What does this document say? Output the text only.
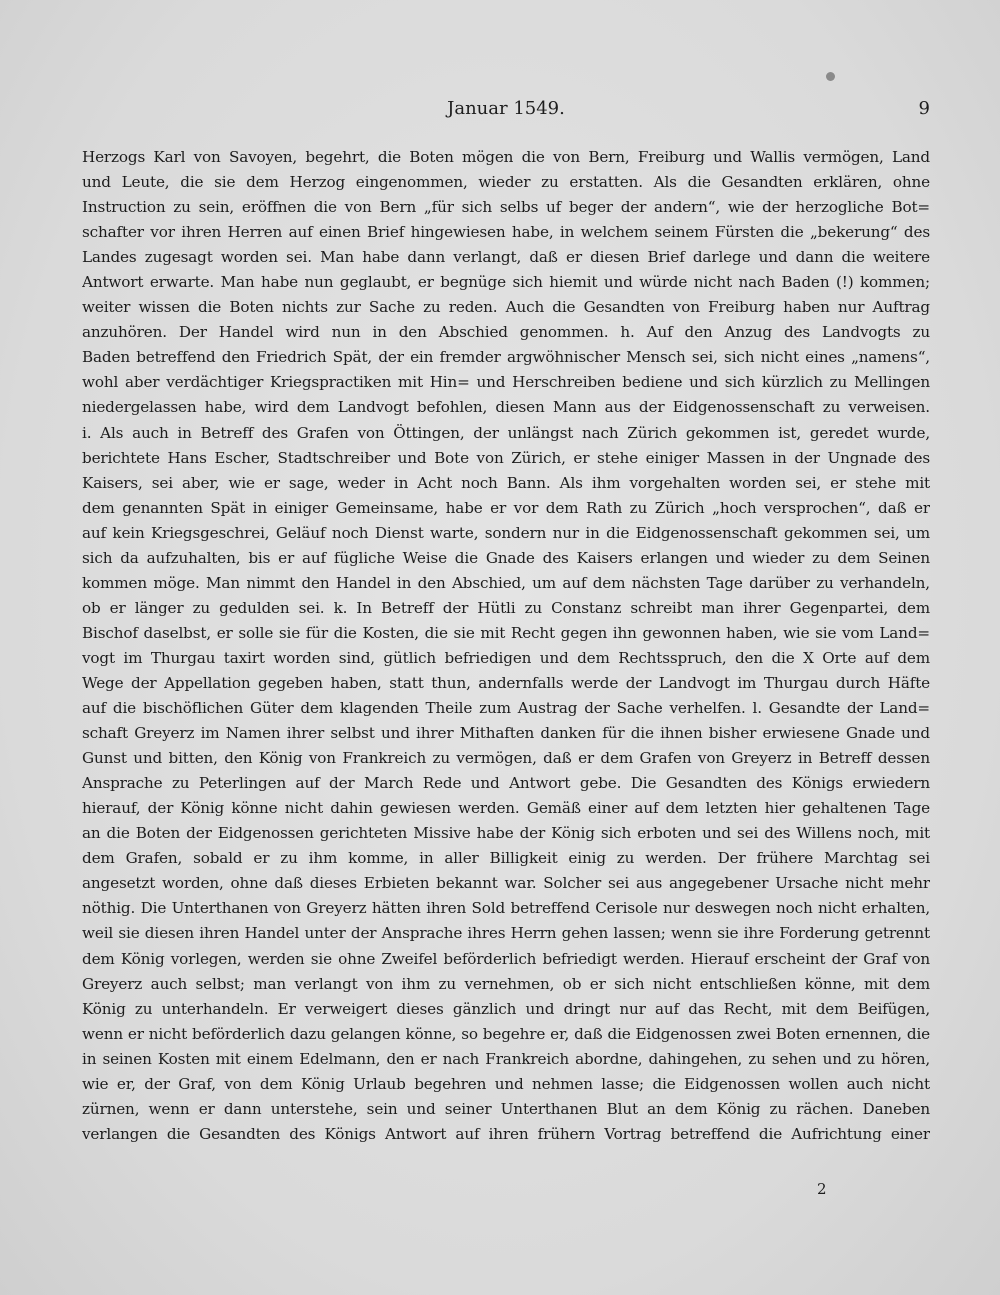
Januar 1549.	9
Herzogs Karl von Savoyen, begehrt, die Boten mögen die von Bern, Freiburg und Wallis vermögen, Land
und Leute, die sie dem Herzog eingenommen, wieder zu erstatten. Als die Gesandten erklären, ohne
Instruction zu sein, eröffnen die von Bern „für sich selbs uf beger der andern“, wie der herzogliche Bot=
schafter vor ihren Herren auf einen Brief hingewiesen habe, in welchem seinem Fürsten die „bekerung“ des
Landes zugesagt worden sei. Man habe dann verlangt, daß er diesen Brief darlege und dann die weitere
Antwort erwarte. Man habe nun geglaubt, er begnüge sich hiemit und würde nicht nach Baden (!) kommen;
weiter wissen die Boten nichts zur Sache zu reden. Auch die Gesandten von Freiburg haben nur Auftrag
anzuhören. Der Handel wird nun in den Abschied genommen. h. Auf den Anzug des Landvogts zu
Baden betreffend den Friedrich Spät, der ein fremder argwöhnischer Mensch sei, sich nicht eines „namens“,
wohl aber verdächtiger Kriegspractiken mit Hin= und Herschreiben bediene und sich kürzlich zu Mellingen
niedergelassen habe, wird dem Landvogt befohlen, diesen Mann aus der Eidgenossenschaft zu verweisen.
i. Als auch in Betreff des Grafen von Öttingen, der unlängst nach Zürich gekommen ist, geredet wurde,
berichtete Hans Escher, Stadtschreiber und Bote von Zürich, er stehe einiger Massen in der Ungnade des
Kaisers, sei aber, wie er sage, weder in Acht noch Bann. Als ihm vorgehalten worden sei, er stehe mit
dem genannten Spät in einiger Gemeinsame, habe er vor dem Rath zu Zürich „hoch versprochen“, daß er
auf kein Kriegsgeschrei, Geläuf noch Dienst warte, sondern nur in die Eidgenossenschaft gekommen sei, um
sich da aufzuhalten, bis er auf fügliche Weise die Gnade des Kaisers erlangen und wieder zu dem Seinen
kommen möge. Man nimmt den Handel in den Abschied, um auf dem nächsten Tage darüber zu verhandeln,
ob er länger zu gedulden sei. k. In Betreff der Hütli zu Constanz schreibt man ihrer Gegenpartei, dem
Bischof daselbst, er solle sie für die Kosten, die sie mit Recht gegen ihn gewonnen haben, wie sie vom Land=
vogt im Thurgau taxirt worden sind, gütlich befriedigen und dem Rechtsspruch, den die X Orte auf dem
Wege der Appellation gegeben haben, statt thun, andernfalls werde der Landvogt im Thurgau durch Häfte
auf die bischöflichen Güter dem klagenden Theile zum Austrag der Sache verhelfen. l. Gesandte der Land=
schaft Greyerz im Namen ihrer selbst und ihrer Mithaften danken für die ihnen bisher erwiesene Gnade und
Gunst und bitten, den König von Frankreich zu vermögen, daß er dem Grafen von Greyerz in Betreff dessen
Ansprache zu Peterlingen auf der March Rede und Antwort gebe. Die Gesandten des Königs erwiedern
hierauf, der König könne nicht dahin gewiesen werden. Gemäß einer auf dem letzten hier gehaltenen Tage
an die Boten der Eidgenossen gerichteten Missive habe der König sich erboten und sei des Willens noch, mit
dem Grafen, sobald er zu ihm komme, in aller Billigkeit einig zu werden. Der frühere Marchtag sei
angesetzt worden, ohne daß dieses Erbieten bekannt war. Solcher sei aus angegebener Ursache nicht mehr
nöthig. Die Unterthanen von Greyerz hätten ihren Sold betreffend Cerisole nur deswegen noch nicht erhalten,
weil sie diesen ihren Handel unter der Ansprache ihres Herrn gehen lassen; wenn sie ihre Forderung getrennt
dem König vorlegen, werden sie ohne Zweifel beförderlich befriedigt werden. Hierauf erscheint der Graf von
Greyerz auch selbst; man verlangt von ihm zu vernehmen, ob er sich nicht entschließen könne, mit dem
König zu unterhandeln. Er verweigert dieses gänzlich und dringt nur auf das Recht, mit dem Beifügen,
wenn er nicht beförderlich dazu gelangen könne, so begehre er, daß die Eidgenossen zwei Boten ernennen, die
in seinen Kosten mit einem Edelmann, den er nach Frankreich abordne, dahingehen, zu sehen und zu hören,
wie er, der Graf, von dem König Urlaub begehren und nehmen lasse; die Eidgenossen wollen auch nicht
zürnen, wenn er dann unterstehe, sein und seiner Unterthanen Blut an dem König zu rächen. Daneben
verlangen die Gesandten des Königs Antwort auf ihren frühern Vortrag betreffend die Aufrichtung einer
2
